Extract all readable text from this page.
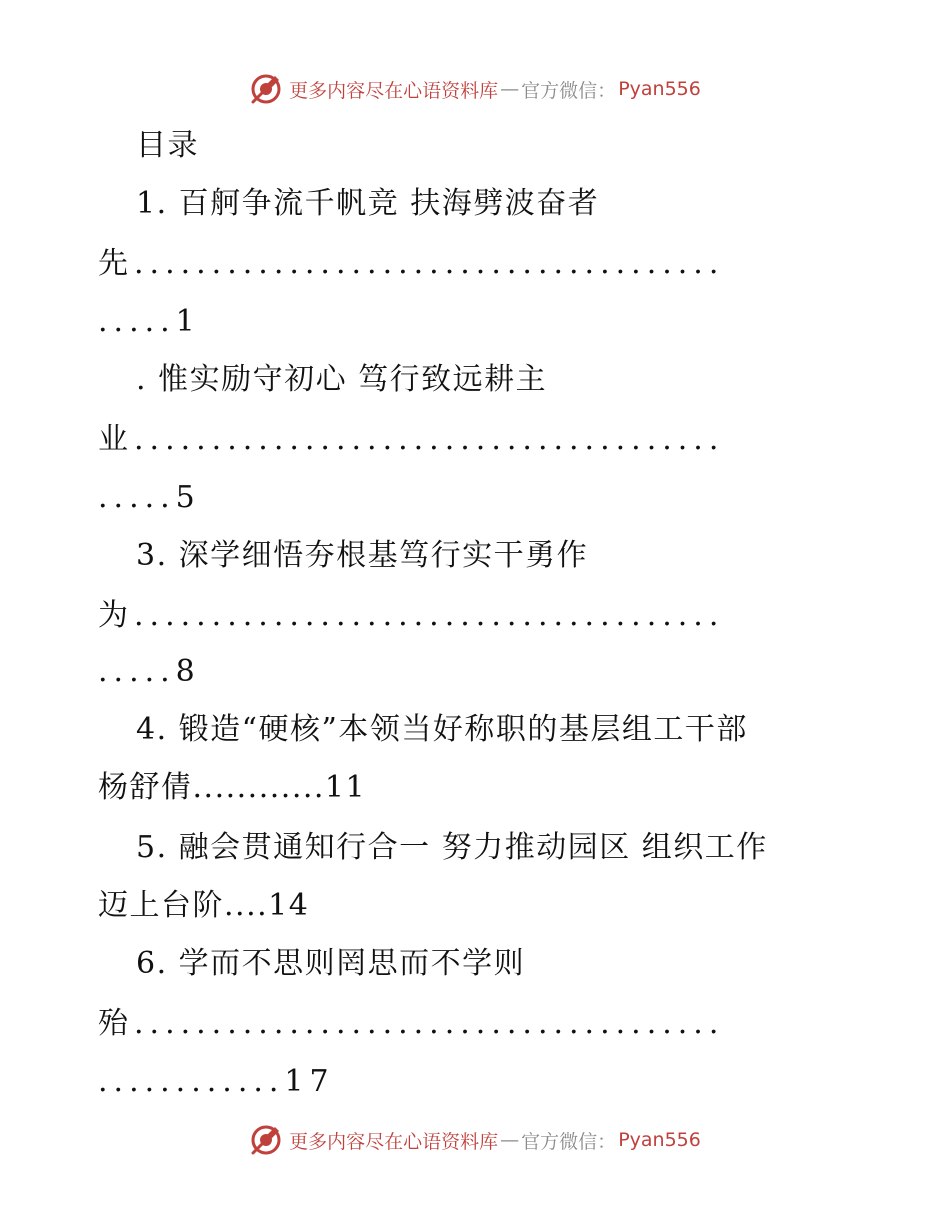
更多内容尽在心语资料库 — 官方微信： Pyan556
目录
1. 百舸争流千帆竞 扶海劈波奋者
先......................................
.....1
. 惟实励守初心 笃行致远耕主
业......................................
.....5
3. 深学细悟夯根基笃行实干勇作
为......................................
.....8
4. 锻造“硬核”本领当好称职的基层组工干部
杨舒倩............11
5. 融会贯通知行合一 努力推动园区 组织工作
迈上台阶....14
6. 学而不思则罔思而不学则
殆......................................
............17
更多内容尽在心语资料库 — 官方微信： Pyan556
